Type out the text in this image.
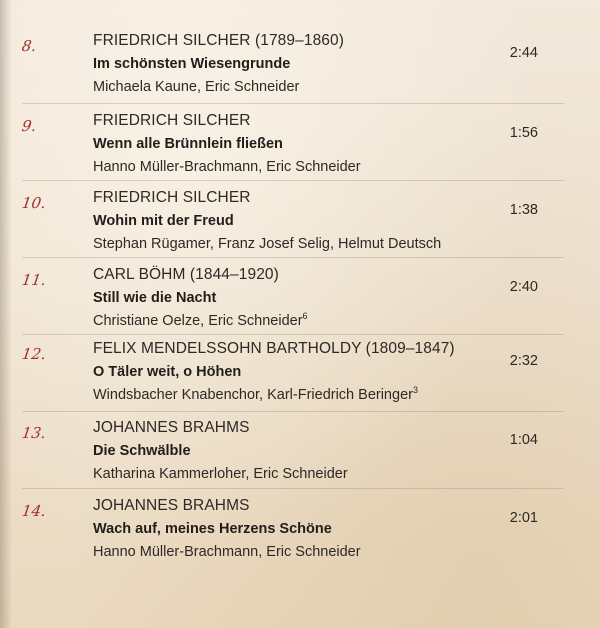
8.	FRIEDRICH SILCHER (1789–1860)
Im schönsten Wiesengrunde
Michaela Kaune, Eric Schneider
2:44
9.	FRIEDRICH SILCHER
Wenn alle Brünnlein fließen
Hanno Müller-Brachmann, Eric Schneider
1:56
10.	FRIEDRICH SILCHER
Wohin mit der Freud
Stephan Rügamer, Franz Josef Selig, Helmut Deutsch
1:38
11.	CARL BÖHM (1844–1920)
Still wie die Nacht
Christiane Oelze, Eric Schneider$^6$
2:40
12.	FELIX MENDELSSOHN BARTHOLDY (1809–1847)
O Täler weit, o Höhen
Windsbacher Knabenchor, Karl-Friedrich Beringer$^3$
2:32
13.	JOHANNES BRAHMS
Die Schwälble
Katharina Kammerloher, Eric Schneider
1:04
14.	JOHANNES BRAHMS
Wach auf, meines Herzens Schöne
Hanno Müller-Brachmann, Eric Schneider
2:01
